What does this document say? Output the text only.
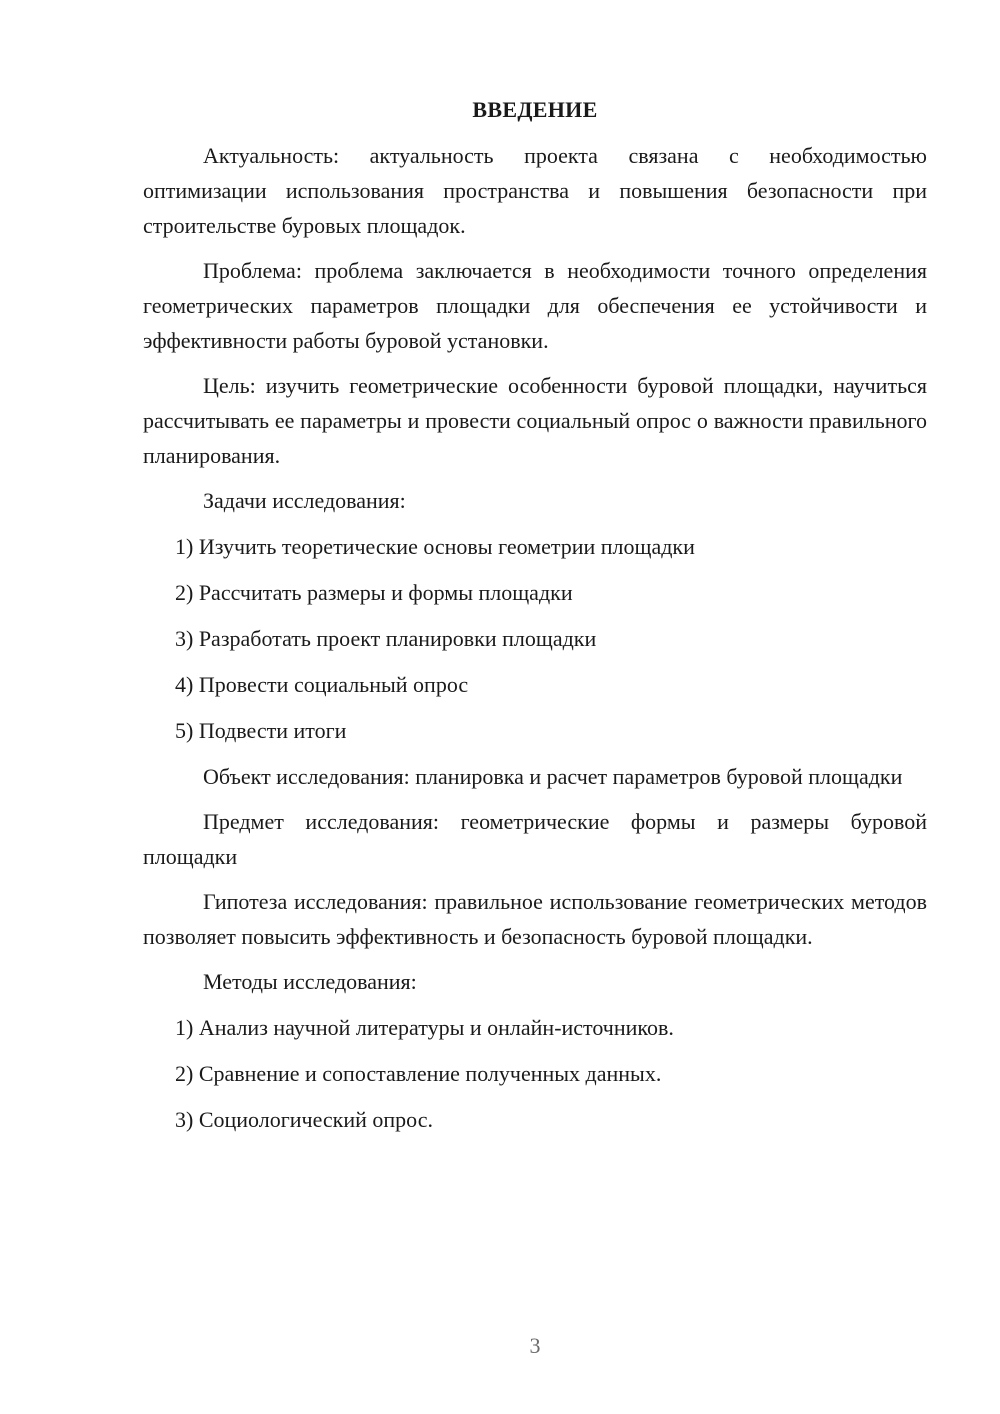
ВВЕДЕНИЕ

Актуальность: актуальность проекта связана с необходимостью оптимизации использования пространства и повышения безопасности при строительстве буровых площадок.

Проблема: проблема заключается в необходимости точного определения геометрических параметров площадки для обеспечения ее устойчивости и эффективности работы буровой установки.

Цель: изучить геометрические особенности буровой площадки, научиться рассчитывать ее параметры и провести социальный опрос о важности правильного планирования.

Задачи исследования:
1) Изучить теоретические основы геометрии площадки
2) Рассчитать размеры и формы площадки
3) Разработать проект планировки площадки
4) Провести социальный опрос
5) Подвести итоги

Объект исследования: планировка и расчет параметров буровой площадки

Предмет исследования: геометрические формы и размеры буровой площадки

Гипотеза исследования: правильное использование геометрических методов позволяет повысить эффективность и безопасность буровой площадки.

Методы исследования:
1) Анализ научной литературы и онлайн-источников.
2) Сравнение и сопоставление полученных данных.
3) Социологический опрос.
3
